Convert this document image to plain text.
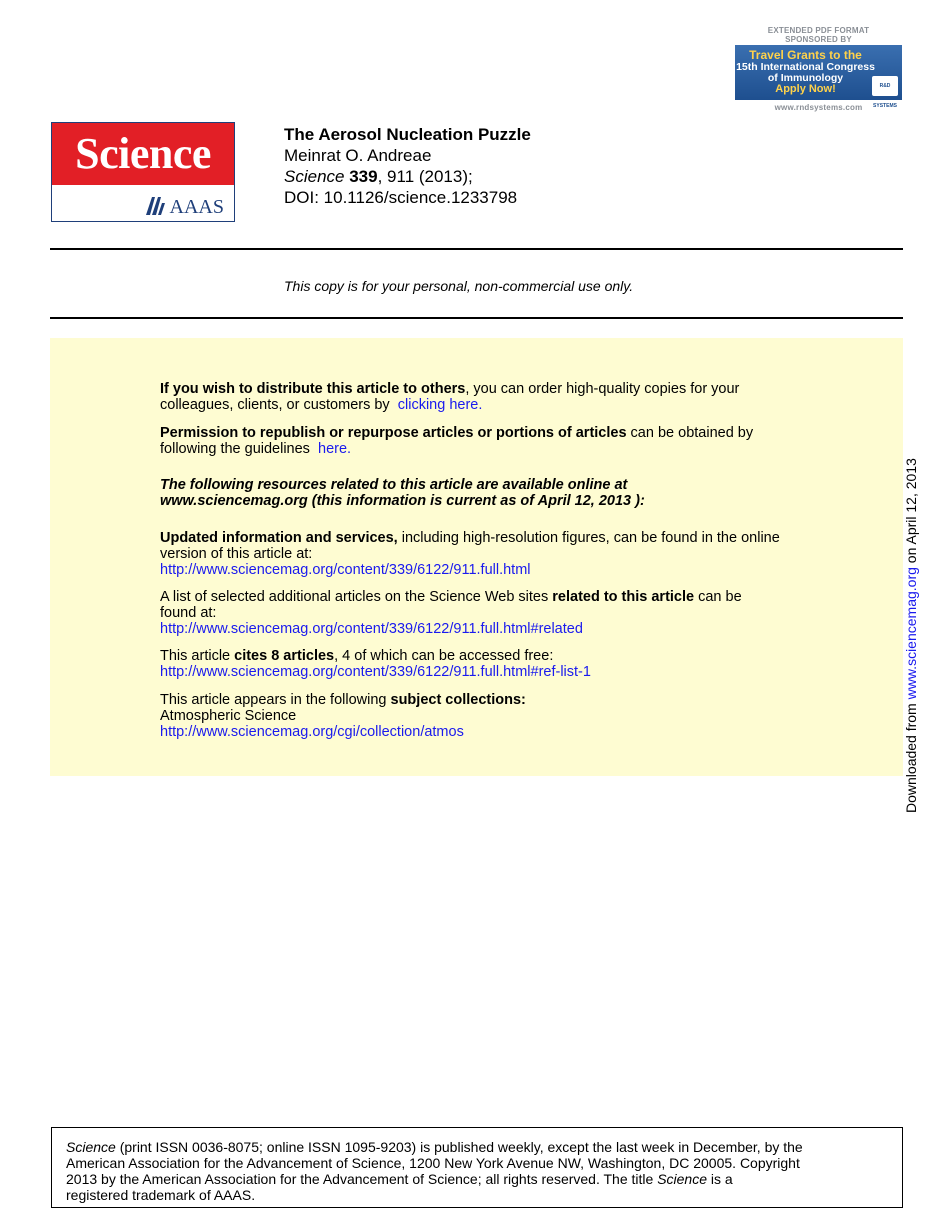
EXTENDED PDF FORMAT
SPONSORED BY
Travel Grants to the
15th International Congress
of Immunology
Apply Now!	R&D SYSTEMS
www.rndsystems.com
Science
AAAS
The Aerosol Nucleation Puzzle
Meinrat O. Andreae
Science 339, 911 (2013);
DOI: 10.1126/science.1233798
This copy is for your personal, non-commercial use only.
If you wish to distribute this article to others, you can order high-quality copies for your
colleagues, clients, or customers by clicking here.
Permission to republish or repurpose articles or portions of articles can be obtained by
following the guidelines here.
The following resources related to this article are available online at
www.sciencemag.org (this information is current as of April 12, 2013 ):
Updated information and services, including high-resolution figures, can be found in the online
version of this article at:
http://www.sciencemag.org/content/339/6122/911.full.html
A list of selected additional articles on the Science Web sites related to this article can be
found at:
http://www.sciencemag.org/content/339/6122/911.full.html#related
This article cites 8 articles, 4 of which can be accessed free:
http://www.sciencemag.org/content/339/6122/911.full.html#ref-list-1
This article appears in the following subject collections:
Atmospheric Science
http://www.sciencemag.org/cgi/collection/atmos	Downloaded from www.sciencemag.org on April 12, 2013
Science (print ISSN 0036-8075; online ISSN 1095-9203) is published weekly, except the last week in December, by the
American Association for the Advancement of Science, 1200 New York Avenue NW, Washington, DC 20005. Copyright
2013 by the American Association for the Advancement of Science; all rights reserved. The title Science is a
registered trademark of AAAS.
